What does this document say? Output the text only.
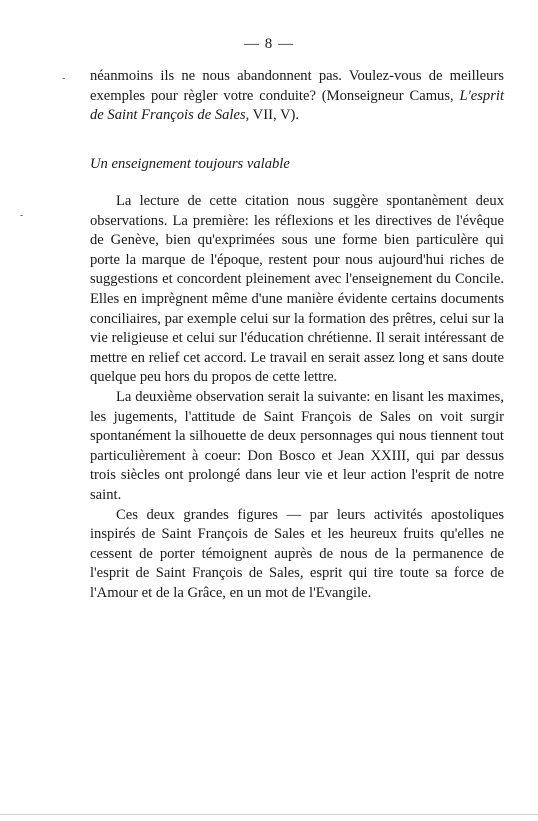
— 8 —
-
-

néanmoins ils ne nous abandonnent pas. Voulez-vous de meilleurs exemples pour règler votre conduite? (Monseigneur Camus, L'esprit de Saint François de Sales, VII, V).

Un enseignement toujours valable

La lecture de cette citation nous suggère spontanèment deux observations. La première: les réflexions et les directives de l'évêque de Genève, bien qu'exprimées sous une forme bien particulère qui porte la marque de l'époque, restent pour nous aujourd'hui riches de suggestions et concordent pleinement avec l'enseignement du Concile. Elles en imprègnent même d'une manière évidente certains documents conciliaires, par exemple celui sur la formation des prêtres, celui sur la vie religieuse et celui sur l'éducation chrétienne. Il serait intéressant de mettre en relief cet accord. Le travail en serait assez long et sans doute quelque peu hors du propos de cette lettre.

La deuxième observation serait la suivante: en lisant les maximes, les jugements, l'attitude de Saint François de Sales on voit surgir spontanément la silhouette de deux personnages qui nous tiennent tout particulièrement à coeur: Don Bosco et Jean XXIII, qui par dessus trois siècles ont prolongé dans leur vie et leur action l'esprit de notre saint.

Ces deux grandes figures — par leurs activités apostoliques inspirés de Saint François de Sales et les heureux fruits qu'elles ne cessent de porter témoignent auprès de nous de la permanence de l'esprit de Saint François de Sales, esprit qui tire toute sa force de l'Amour et de la Grâce, en un mot de l'Evangile.
